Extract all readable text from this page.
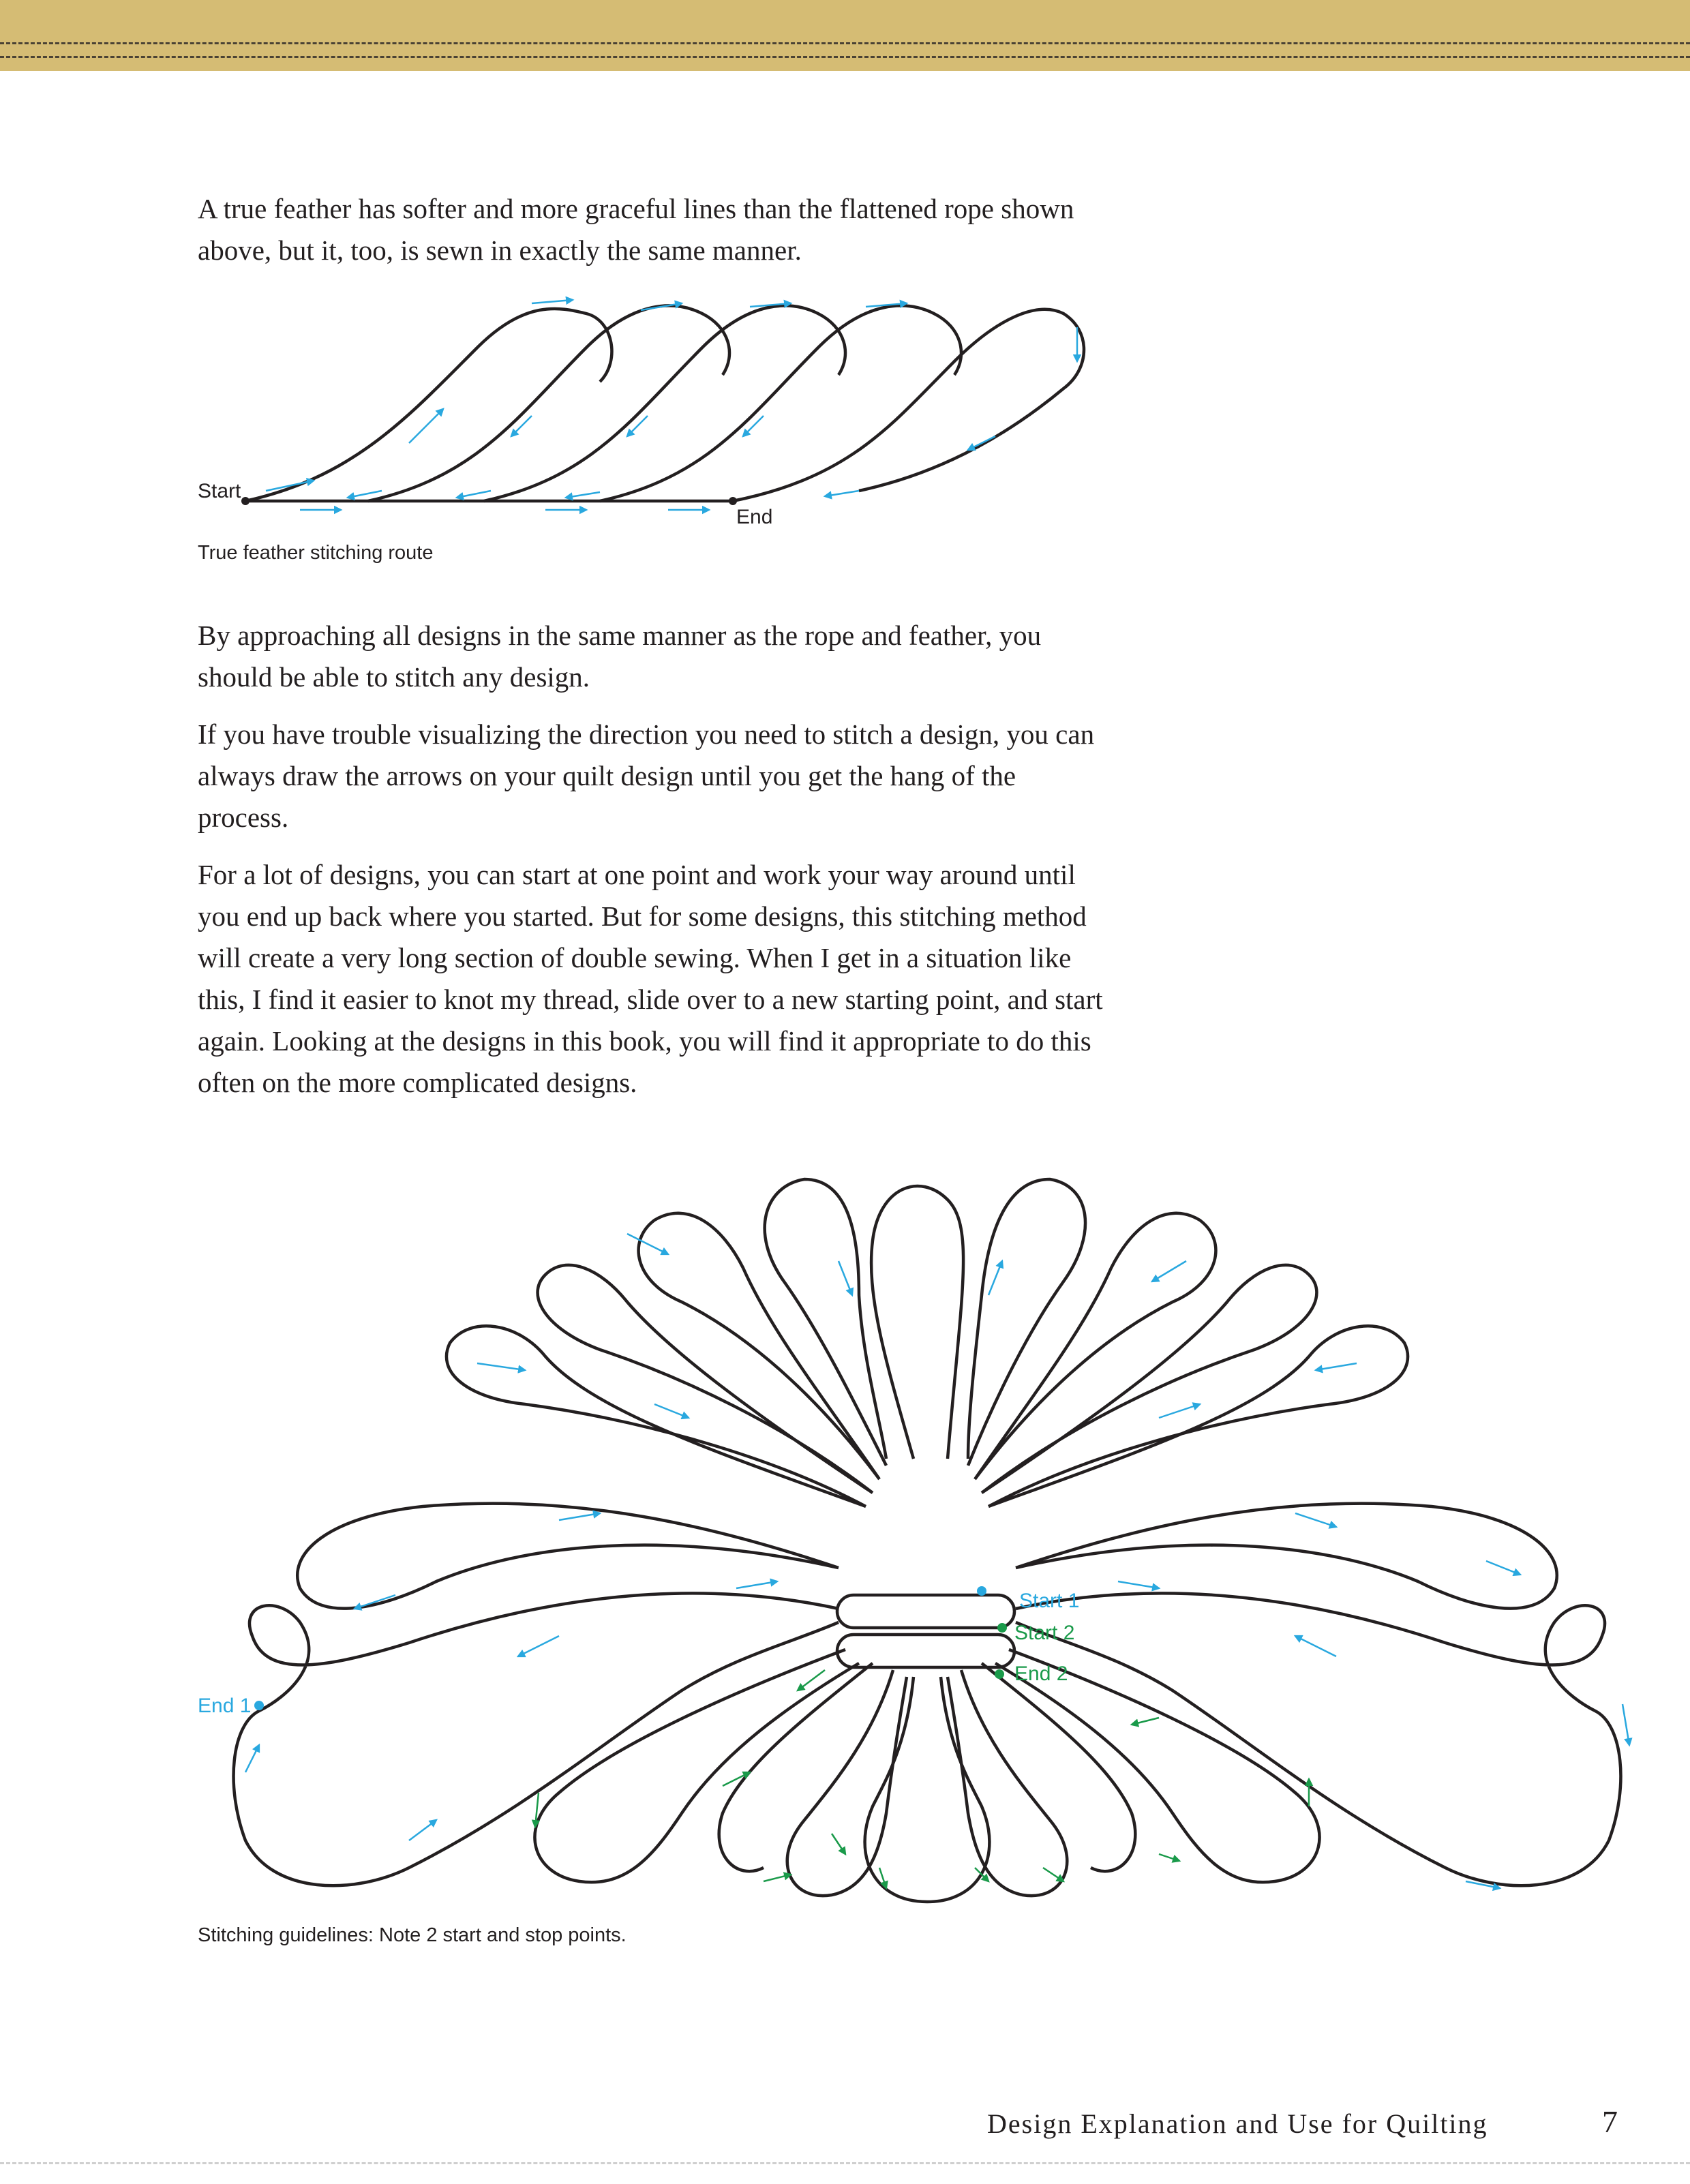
A true feather has softer and more graceful lines than the flattened rope shown above, but it, too, is sewn in exactly the same manner.

Start
End
True feather stitching route

By approaching all designs in the same manner as the rope and feather, you should be able to stitch any design.

If you have trouble visualizing the direction you need to stitch a design, you can always draw the arrows on your quilt design until you get the hang of the process.

For a lot of designs, you can start at one point and work your way around until you end up back where you started. But for some designs, this stitching method will create a very long section of double sewing. When I get in a situation like this, I find it easier to knot my thread, slide over to a new starting point, and start again. Looking at the designs in this book, you will find it appropriate to do this often on the more complicated designs.

Start 1
Start 2
End 2
End 1
Stitching guidelines: Note 2 start and stop points.
Design Explanation and Use for Quilting	7
